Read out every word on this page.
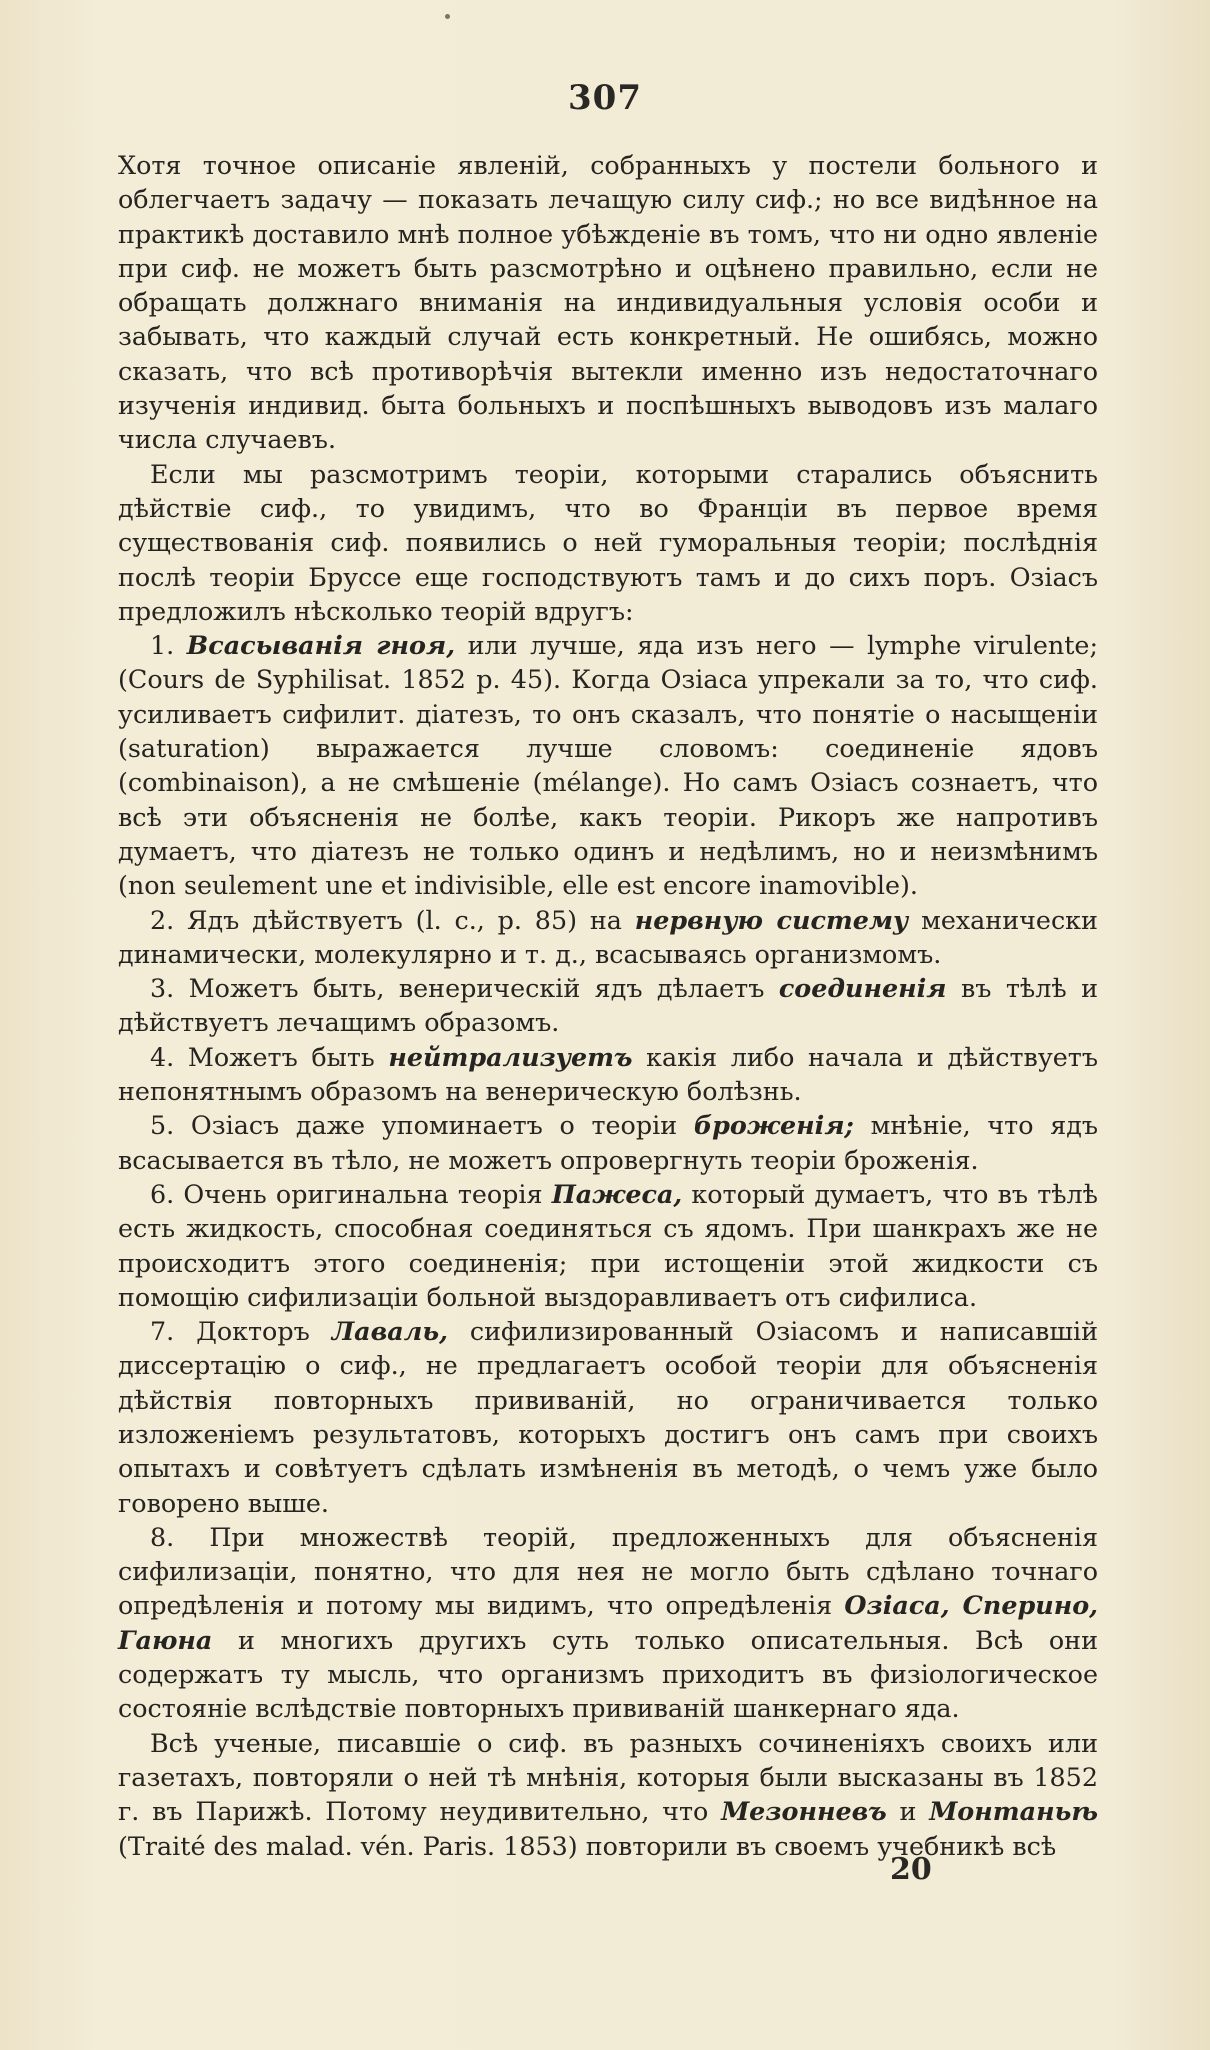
307

Хотя точное описаніе явленій, собранныхъ у постели больного и облегчаетъ задачу — показать лечащую силу сиф.; но все видѣнное на практикѣ доставило мнѣ полное убѣжденіе въ томъ, что ни одно явленіе при сиф. не можетъ быть разсмотрѣно и оцѣнено правильно, если не обращать должнаго вниманія на индивидуальныя условія особи и забывать, что каждый случай есть конкретный. Не ошибясь, можно сказать, что всѣ противорѣчія вытекли именно изъ недостаточнаго изученія индивид. быта больныхъ и поспѣшныхъ выводовъ изъ малаго числа случаевъ.

Если мы разсмотримъ теоріи, которыми старались объяснить дѣйствіе сиф., то увидимъ, что во Франціи въ первое время существованія сиф. появились о ней гуморальныя теоріи; послѣднія послѣ теоріи Бруссе еще господствуютъ тамъ и до сихъ поръ. Озіасъ предложилъ нѣсколько теорій вдругъ:

1. Всасыванія гноя, или лучше, яда изъ него — lymphe virulente; (Cours de Syphilisat. 1852 p. 45). Когда Озіаса упрекали за то, что сиф. усиливаетъ сифилит. діатезъ, то онъ сказалъ, что понятіе о насыщеніи (saturation) выражается лучше словомъ: соединеніе ядовъ (combinaison), а не смѣшеніе (mélange). Но самъ Озіасъ сознаетъ, что всѣ эти объясненія не болѣе, какъ теоріи. Рикоръ же напротивъ думаетъ, что діатезъ не только одинъ и недѣлимъ, но и неизмѣнимъ (non seulement une et indivisible, elle est encore inamovible).

2. Ядъ дѣйствуетъ (l. c., p. 85) на нервную систему механически динамически, молекулярно и т. д., всасываясь организмомъ.

3. Можетъ быть, венерическій ядъ дѣлаетъ соединенія въ тѣлѣ и дѣйствуетъ лечащимъ образомъ.

4. Можетъ быть нейтрализуетъ какія либо начала и дѣйствуетъ непонятнымъ образомъ на венерическую болѣзнь.

5. Озіасъ даже упоминаетъ о теоріи броженія; мнѣніе, что ядъ всасывается въ тѣло, не можетъ опровергнуть теоріи броженія.

6. Очень оригинальна теорія Пажеса, который думаетъ, что въ тѣлѣ есть жидкость, способная соединяться съ ядомъ. При шанкрахъ же не происходитъ этого соединенія; при истощеніи этой жидкости съ помощію сифилизаціи больной выздоравливаетъ отъ сифилиса.

7. Докторъ Лаваль, сифилизированный Озіасомъ и написавшій диссертацію о сиф., не предлагаетъ особой теоріи для объясненія дѣйствія повторныхъ прививаній, но ограничивается только изложеніемъ результатовъ, которыхъ достигъ онъ самъ при своихъ опытахъ и совѣтуетъ сдѣлать измѣненія въ методѣ, о чемъ уже было говорено выше.

8. При множествѣ теорій, предложенныхъ для объясненія сифилизаціи, понятно, что для нея не могло быть сдѣлано точнаго опредѣленія и потому мы видимъ, что опредѣленія Озіаса, Сперино, Гаюна и многихъ другихъ суть только описательныя. Всѣ они содержатъ ту мысль, что организмъ приходитъ въ физіологическое состояніе вслѣдствіе повторныхъ прививаній шанкернаго яда.

Всѣ ученые, писавшіе о сиф. въ разныхъ сочиненіяхъ своихъ или газетахъ, повторяли о ней тѣ мнѣнія, которыя были высказаны въ 1852 г. въ Парижѣ. Потому неудивительно, что Мезонневъ и Монтаньѣ (Traité des malad. vén. Paris. 1853) повторили въ своемъ учебникѣ всѣ

20
